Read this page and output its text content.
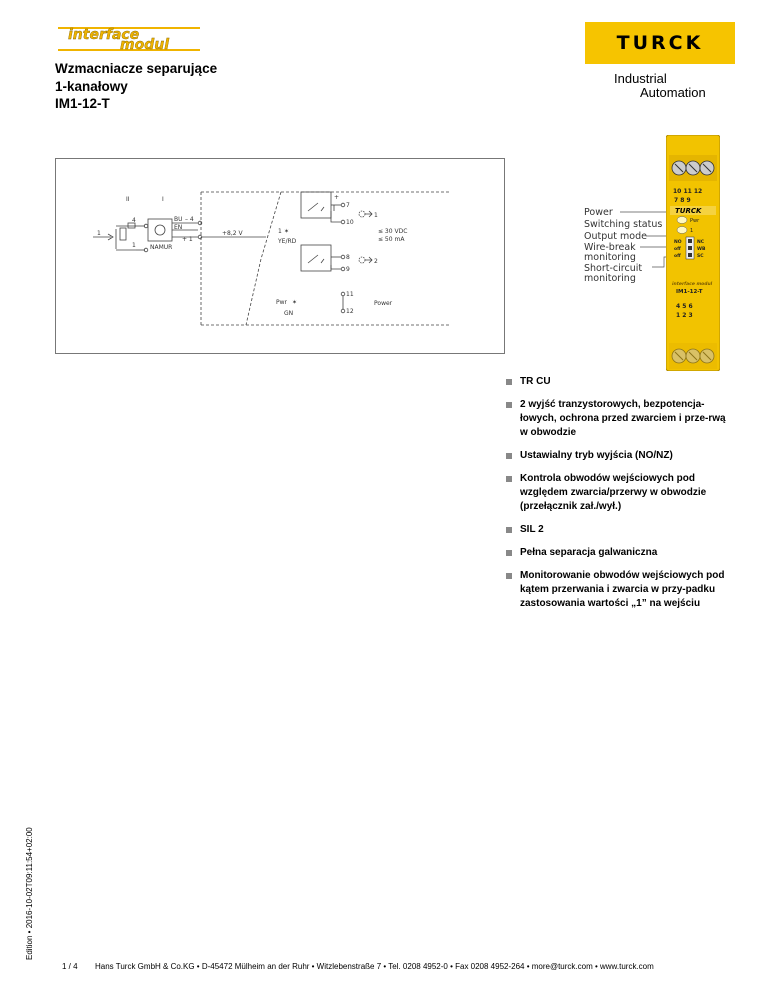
interface
modul
Wzmacniacze separujące
1-kanałowy
IM1-12-T
TURCK
Industrial
Automation
II	I
1
4
1
BU – 4
EN
+ 1
NAMUR
+8,2 V	1 ✶
YE/RD
+
7
10
8
9
11
12
1
2
≤ 30 VDC
≤ 50 mA
Pwr ✶
GN
Power
Power
Switching status
Output mode
Wire-break
monitoring
Short-circuit
monitoring
10 11 12
7 8 9
TURCK
Pwr
1
NO	NC
off	WB
off	SC
interface modul
IM1-12-T
4 5 6
1 2 3
TR CU
2 wyjść tranzystorowych, bezpotencja-łowych, ochrona przed zwarciem i prze-rwą w obwodzie
Ustawialny tryb wyjścia (NO/NZ)
Kontrola obwodów wejściowych pod względem zwarcia/przerwy w obwodzie (przełącznik zał./wył.)
SIL 2
Pełna separacja galwaniczna
Monitorowanie obwodów wejściowych pod kątem przerwania i zwarcia w przy-padku zastosowania wartości „1” na wejściu
Edition • 2016-10-02T09:11:54+02:00
1 / 4 Hans Turck GmbH & Co.KG • D-45472 Mülheim an der Ruhr • Witzlebenstraße 7 • Tel. 0208 4952-0 • Fax 0208 4952-264 • more@turck.com • www.turck.com
